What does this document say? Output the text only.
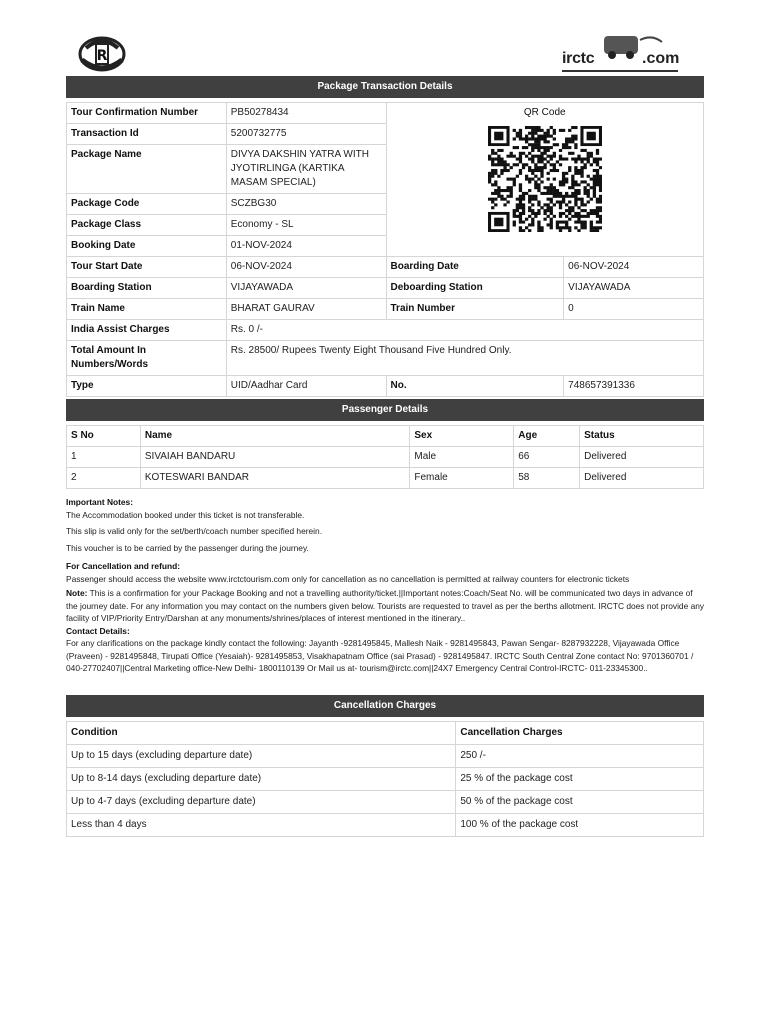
R	irctc	.com
Package Transaction Details
Tour Confirmation Number	PB50278434	QR Code	

Transaction Id	5200732775		
Package Name	DIVYA DAKSHIN YATRA WITH JYOTIRLINGA (KARTIKA MASAM SPECIAL)		
Package Code	SCZBG30		
Package Class	Economy - SL		
Booking Date	01-NOV-2024		

Tour Start Date	06-NOV-2024	Boarding Date	06-NOV-2024
Boarding Station	VIJAYAWADA	Deboarding Station	VIJAYAWADA
Train Name	BHARAT GAURAV	Train Number	0
India Assist Charges	Rs. 0 /-		
Total Amount In Numbers/Words	Rs. 28500/ Rupees Twenty Eight Thousand Five Hundred Only.		
Type	UID/Aadhar Card	No.	748657391336
Passenger Details
S No	Name	Sex	Age	Status
1	SIVAIAH BANDARU	Male	66	Delivered
2	KOTESWARI BANDAR	Female	58	Delivered

Important Notes:

The Accommodation booked under this ticket is not transferable.

This slip is valid only for the set/berth/coach number specified herein.

This voucher is to be carried by the passenger during the journey.

For Cancellation and refund:

Passenger should access the website www.irctctourism.com only for cancellation as no cancellation is permitted at railway counters for electronic tickets

Note: This is a confirmation for your Package Booking and not a travelling authority/ticket.||Important notes:Coach/Seat No. will be communicated two days in advance of the journey date. For any information you may contact on the numbers given below. Tourists are requested to travel as per the berths allotment. IRCTC does not provide any facility of VIP/Priority Entry/Darshan at any monuments/shrines/places of interest mentioned in the itinerary..

Contact Details:

For any clarifications on the package kindly contact the following: Jayanth -9281495845, Mallesh Naik - 9281495843, Pawan Sengar- 8287932228, Vijayawada Office (Praveen) - 9281495848, Tirupati Office (Yesaiah)- 9281495853, Visakhapatnam Office (sai Prasad) - 9281495847. IRCTC South Central Zone contact No: 9701360701 / 040-27702407||Central Marketing office-New Delhi- 1800110139 Or Mail us at- tourism@irctc.com||24X7 Emergency Central Control-IRCTC- 011-23345300..

Cancellation Charges
Condition	Cancellation Charges
Up to 15 days (excluding departure date)	250 /-
Up to 8-14 days (excluding departure date)	25 % of the package cost
Up to 4-7 days (excluding departure date)	50 % of the package cost
Less than 4 days	100 % of the package cost
